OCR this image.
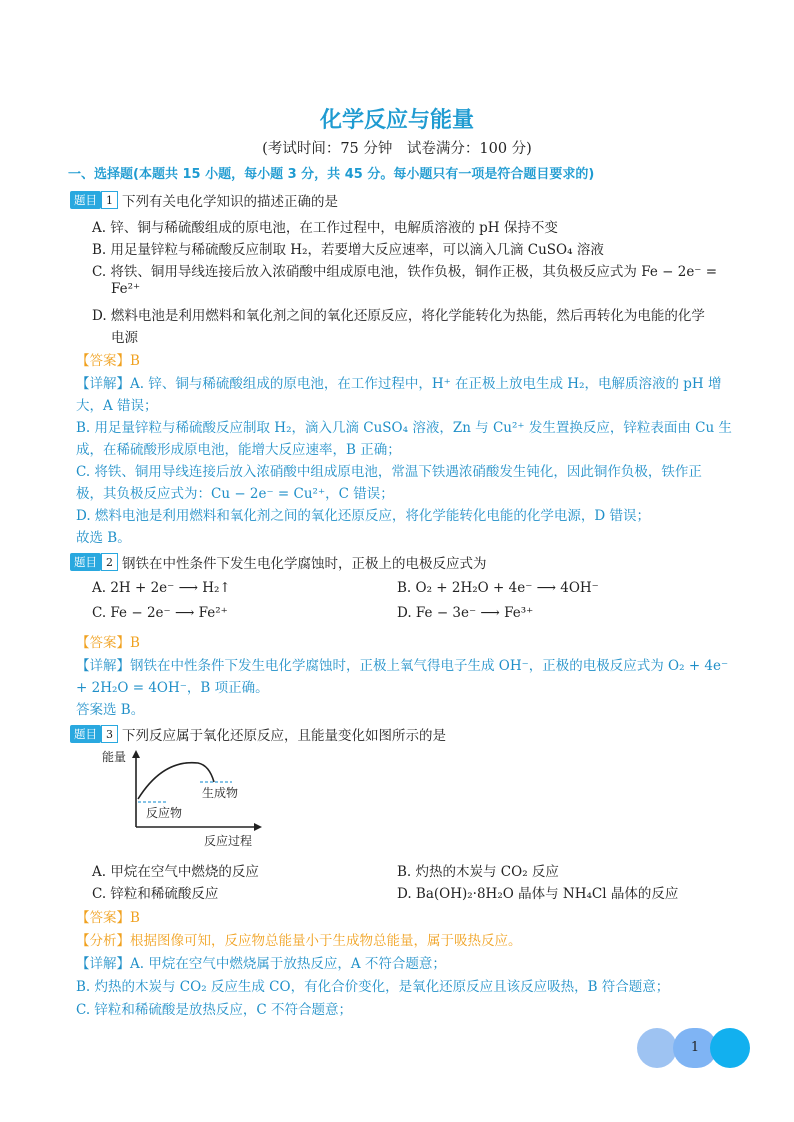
化学反应与能量
(考试时间：75 分钟　试卷满分：100 分)
一、选择题(本题共 15 小题，每小题 3 分，共 45 分。每小题只有一项是符合题目要求的)
题目 1 下列有关电化学知识的描述正确的是
A. 锌、铜与稀硫酸组成的原电池，在工作过程中，电解质溶液的 pH 保持不变
B. 用足量锌粒与稀硫酸反应制取 H₂，若要增大反应速率，可以滴入几滴 CuSO₄ 溶液
C. 将铁、铜用导线连接后放入浓硝酸中组成原电池，铁作负极，铜作正极，其负极反应式为 Fe − 2e⁻ =
Fe²⁺
D. 燃料电池是利用燃料和氧化剂之间的氧化还原反应，将化学能转化为热能，然后再转化为电能的化学
电源
【答案】B
【详解】A. 锌、铜与稀硫酸组成的原电池，在工作过程中，H⁺ 在正极上放电生成 H₂，电解质溶液的 pH 增
大，A 错误；
B. 用足量锌粒与稀硫酸反应制取 H₂，滴入几滴 CuSO₄ 溶液，Zn 与 Cu²⁺ 发生置换反应，锌粒表面由 Cu 生
成，在稀硫酸形成原电池，能增大反应速率，B 正确；
C. 将铁、铜用导线连接后放入浓硝酸中组成原电池，常温下铁遇浓硝酸发生钝化，因此铜作负极，铁作正
极，其负极反应式为：Cu − 2e⁻ = Cu²⁺，C 错误；
D. 燃料电池是利用燃料和氧化剂之间的氧化还原反应，将化学能转化电能的化学电源，D 错误；
故选 B。
题目 2 钢铁在中性条件下发生电化学腐蚀时，正极上的电极反应式为
A. 2H + 2e⁻ ⟶ H₂↑	B. O₂ + 2H₂O + 4e⁻ ⟶ 4OH⁻
C. Fe − 2e⁻ ⟶ Fe²⁺	D. Fe − 3e⁻ ⟶ Fe³⁺
【答案】B
【详解】钢铁在中性条件下发生电化学腐蚀时，正极上氧气得电子生成 OH⁻，正极的电极反应式为 O₂ + 4e⁻
+ 2H₂O = 4OH⁻，B 项正确。
答案选 B。
题目 3 下列反应属于氧化还原反应，且能量变化如图所示的是
能量
反应过程
反应物
生成物
A. 甲烷在空气中燃烧的反应	B. 灼热的木炭与 CO₂ 反应
C. 锌粒和稀硫酸反应	D. Ba(OH)₂·8H₂O 晶体与 NH₄Cl 晶体的反应
【答案】B
【分析】根据图像可知，反应物总能量小于生成物总能量，属于吸热反应。
【详解】A. 甲烷在空气中燃烧属于放热反应，A 不符合题意；
B. 灼热的木炭与 CO₂ 反应生成 CO，有化合价变化，是氧化还原反应且该反应吸热，B 符合题意；
C. 锌粒和稀硫酸是放热反应，C 不符合题意；
1
